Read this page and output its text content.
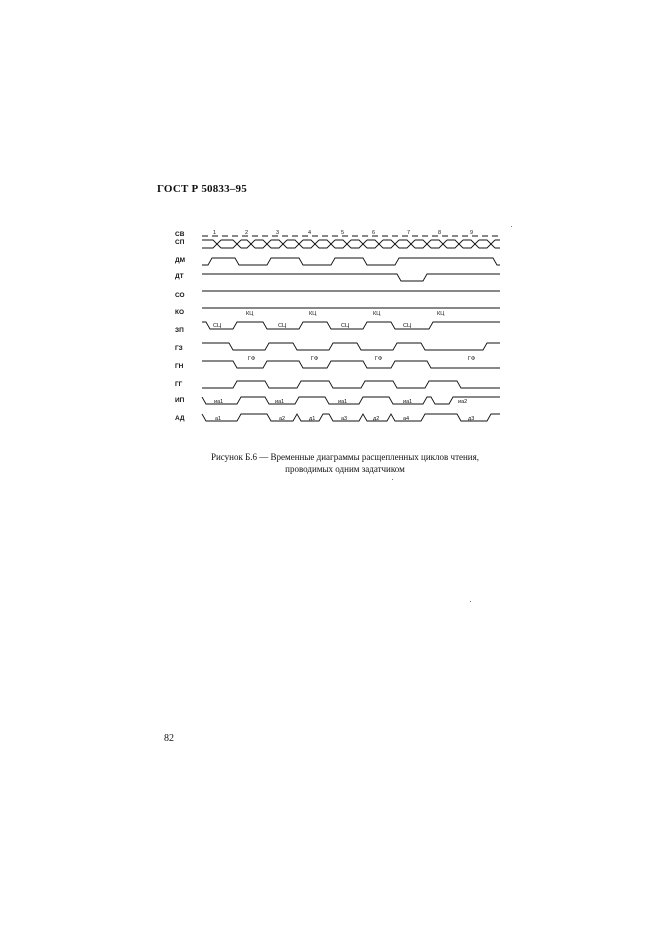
ГОСТ Р 50833–95
СВ
СП
ДМ
ДТ
СО
КО
ЗП
ГЗ
ГН
ГГ
ИП
АД
1	2	3	4	5	6	7	8	9
КЦ	КЦ	КЦ	КЦ
СЦ	СЦ	СЦ	СЦ
ГФ	ГФ	ГФ	ГФ
иа1	иа1	иа1	иа1	иа2
а1	а2	д1	а3	д2	а4	д3
Рисунок Б.6 — Временные диаграммы расщепленных циклов чтения,
проводимых одним задатчиком
82
